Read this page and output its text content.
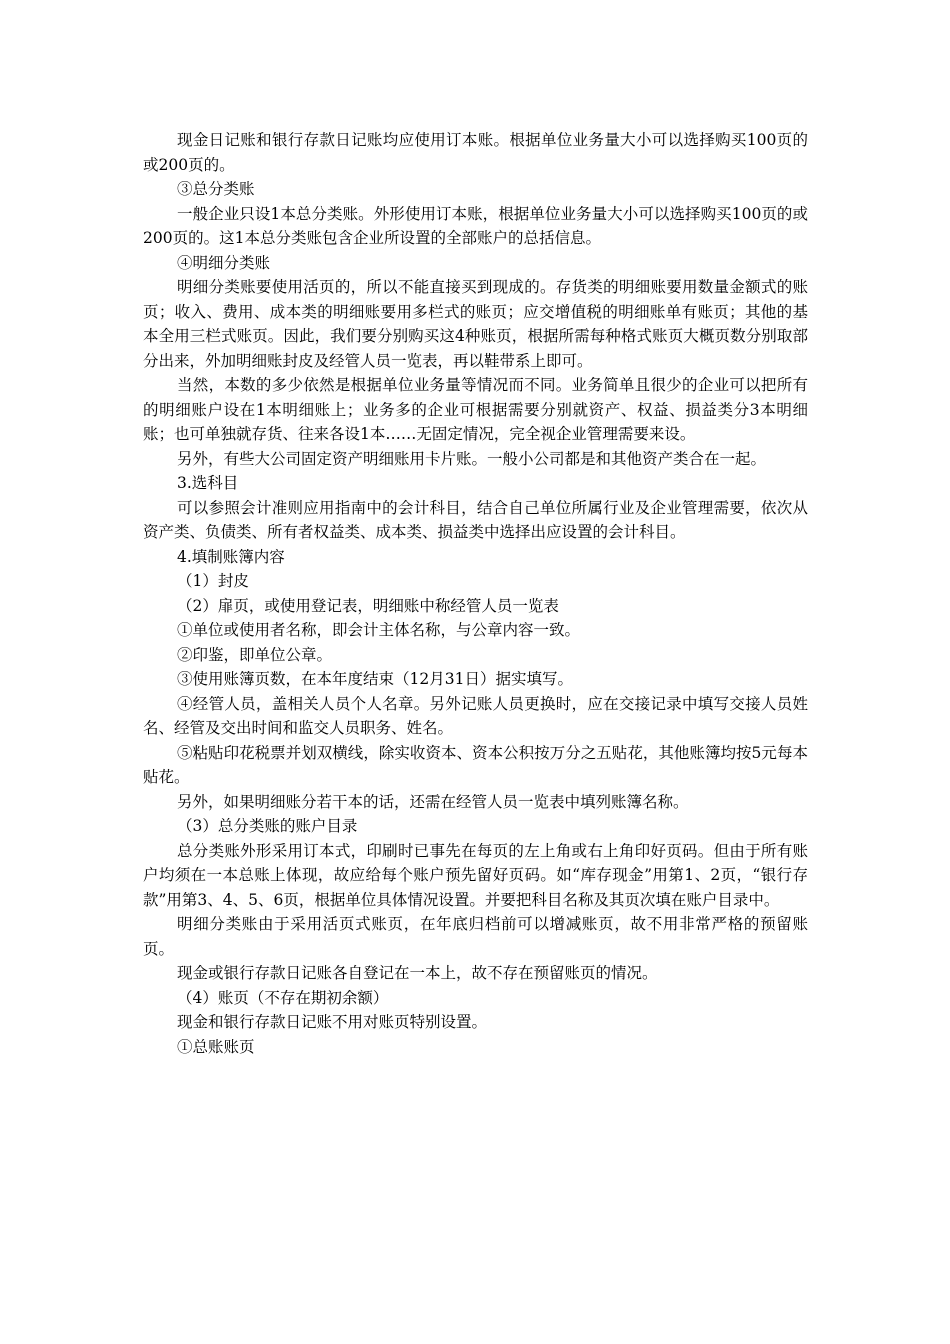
现金日记账和银行存款日记账均应使用订本账。根据单位业务量大小可以选择购买100页的或200页的。

③总分类账

一般企业只设1本总分类账。外形使用订本账，根据单位业务量大小可以选择购买100页的或200页的。这1本总分类账包含企业所设置的全部账户的总括信息。

④明细分类账

明细分类账要使用活页的，所以不能直接买到现成的。存货类的明细账要用数量金额式的账页；收入、费用、成本类的明细账要用多栏式的账页；应交增值税的明细账单有账页；其他的基本全用三栏式账页。因此，我们要分别购买这4种账页，根据所需每种格式账页大概页数分别取部分出来，外加明细账封皮及经管人员一览表，再以鞋带系上即可。

当然，本数的多少依然是根据单位业务量等情况而不同。业务简单且很少的企业可以把所有的明细账户设在1本明细账上；业务多的企业可根据需要分别就资产、权益、损益类分3本明细账；也可单独就存货、往来各设1本……无固定情况，完全视企业管理需要来设。

另外，有些大公司固定资产明细账用卡片账。一般小公司都是和其他资产类合在一起。

3.选科目

可以参照会计准则应用指南中的会计科目，结合自己单位所属行业及企业管理需要，依次从资产类、负债类、所有者权益类、成本类、损益类中选择出应设置的会计科目。

4.填制账簿内容

（1）封皮

（2）扉页，或使用登记表，明细账中称经管人员一览表

①单位或使用者名称，即会计主体名称，与公章内容一致。

②印鉴，即单位公章。

③使用账簿页数，在本年度结束（12月31日）据实填写。

④经管人员，盖相关人员个人名章。另外记账人员更换时，应在交接记录中填写交接人员姓名、经管及交出时间和监交人员职务、姓名。

⑤粘贴印花税票并划双横线，除实收资本、资本公积按万分之五贴花，其他账簿均按5元每本贴花。

另外，如果明细账分若干本的话，还需在经管人员一览表中填列账簿名称。

（3）总分类账的账户目录

总分类账外形采用订本式，印刷时已事先在每页的左上角或右上角印好页码。但由于所有账户均须在一本总账上体现，故应给每个账户预先留好页码。如“库存现金”用第1、2页，“银行存款”用第3、4、5、6页，根据单位具体情况设置。并要把科目名称及其页次填在账户目录中。

明细分类账由于采用活页式账页，在年底归档前可以增减账页，故不用非常严格的预留账页。

现金或银行存款日记账各自登记在一本上，故不存在预留账页的情况。

（4）账页（不存在期初余额）

现金和银行存款日记账不用对账页特别设置。

①总账账页
